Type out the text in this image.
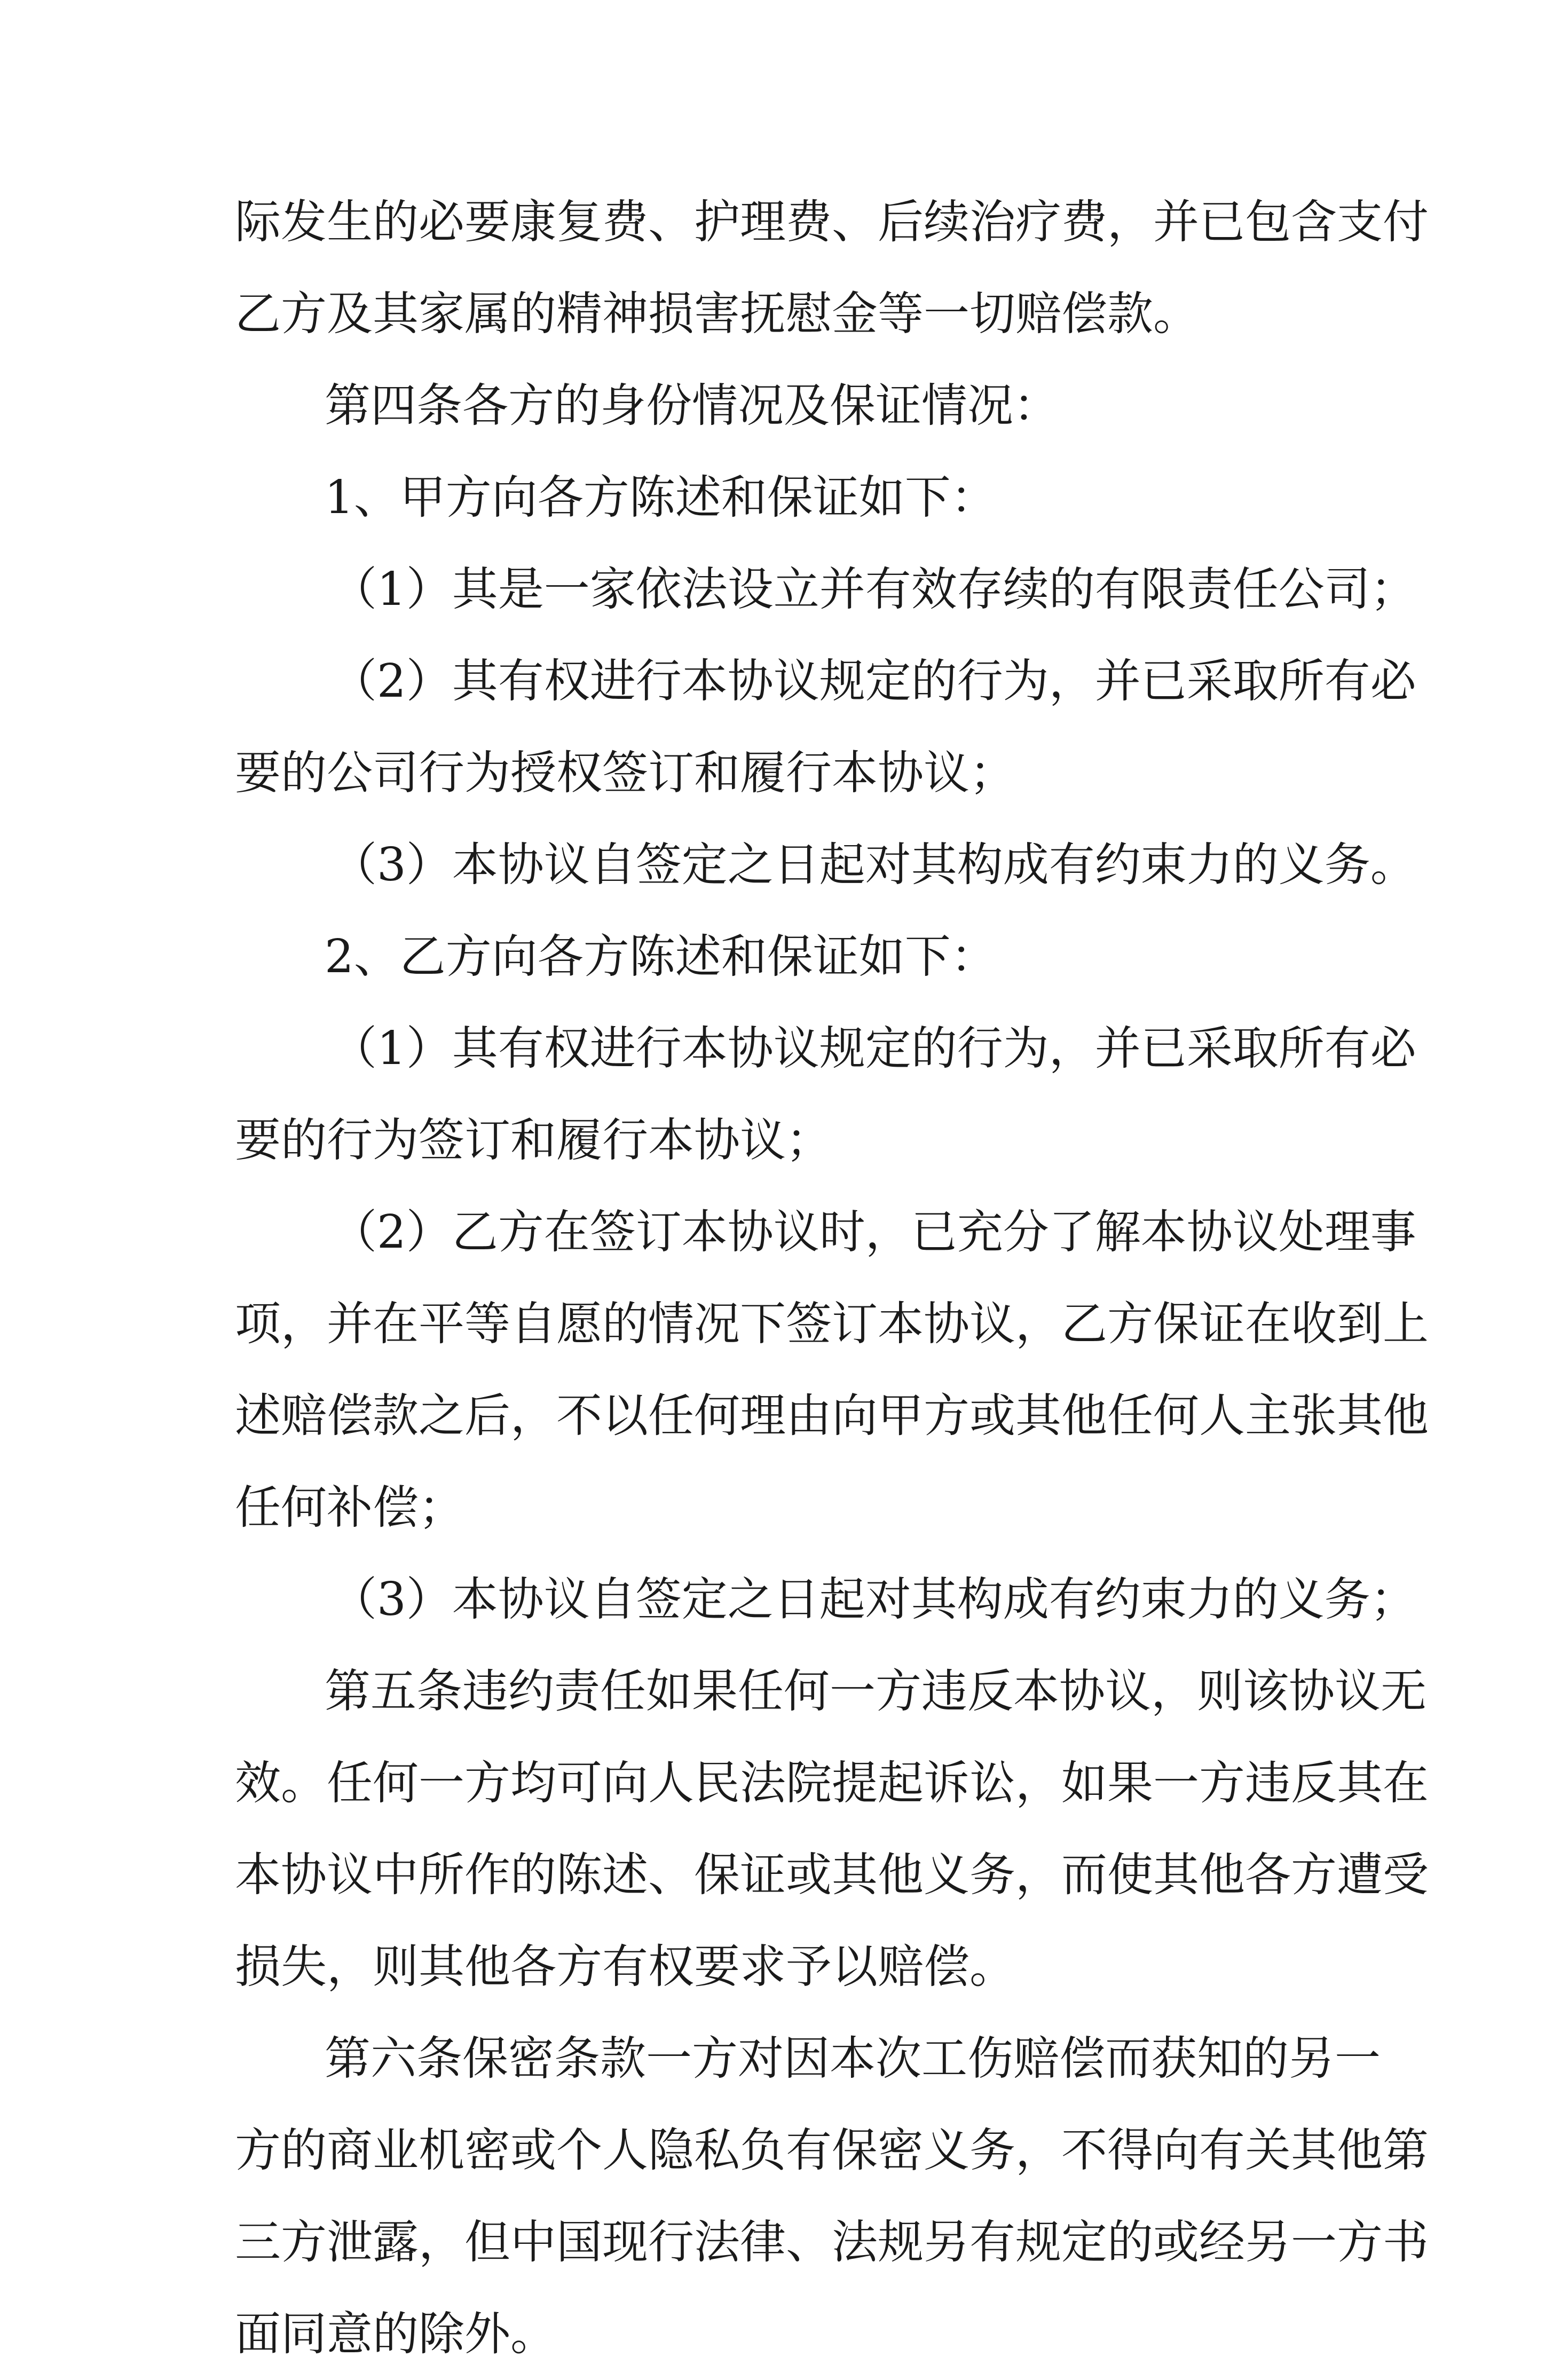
际发生的必要康复费、护理费、后续治疗费，并已包含支付
乙方及其家属的精神损害抚慰金等一切赔偿款。
第四条各方的身份情况及保证情况：
1、甲方向各方陈述和保证如下：
（1）其是一家依法设立并有效存续的有限责任公司；
（2）其有权进行本协议规定的行为，并已采取所有必
要的公司行为授权签订和履行本协议；
（3）本协议自签定之日起对其构成有约束力的义务。
2、乙方向各方陈述和保证如下：
（1）其有权进行本协议规定的行为，并已采取所有必
要的行为签订和履行本协议；
（2）乙方在签订本协议时，已充分了解本协议处理事
项，并在平等自愿的情况下签订本协议，乙方保证在收到上
述赔偿款之后，不以任何理由向甲方或其他任何人主张其他
任何补偿；
（3）本协议自签定之日起对其构成有约束力的义务；
第五条违约责任如果任何一方违反本协议，则该协议无
效。任何一方均可向人民法院提起诉讼，如果一方违反其在
本协议中所作的陈述、保证或其他义务，而使其他各方遭受
损失，则其他各方有权要求予以赔偿。
第六条保密条款一方对因本次工伤赔偿而获知的另一
方的商业机密或个人隐私负有保密义务，不得向有关其他第
三方泄露，但中国现行法律、法规另有规定的或经另一方书
面同意的除外。
